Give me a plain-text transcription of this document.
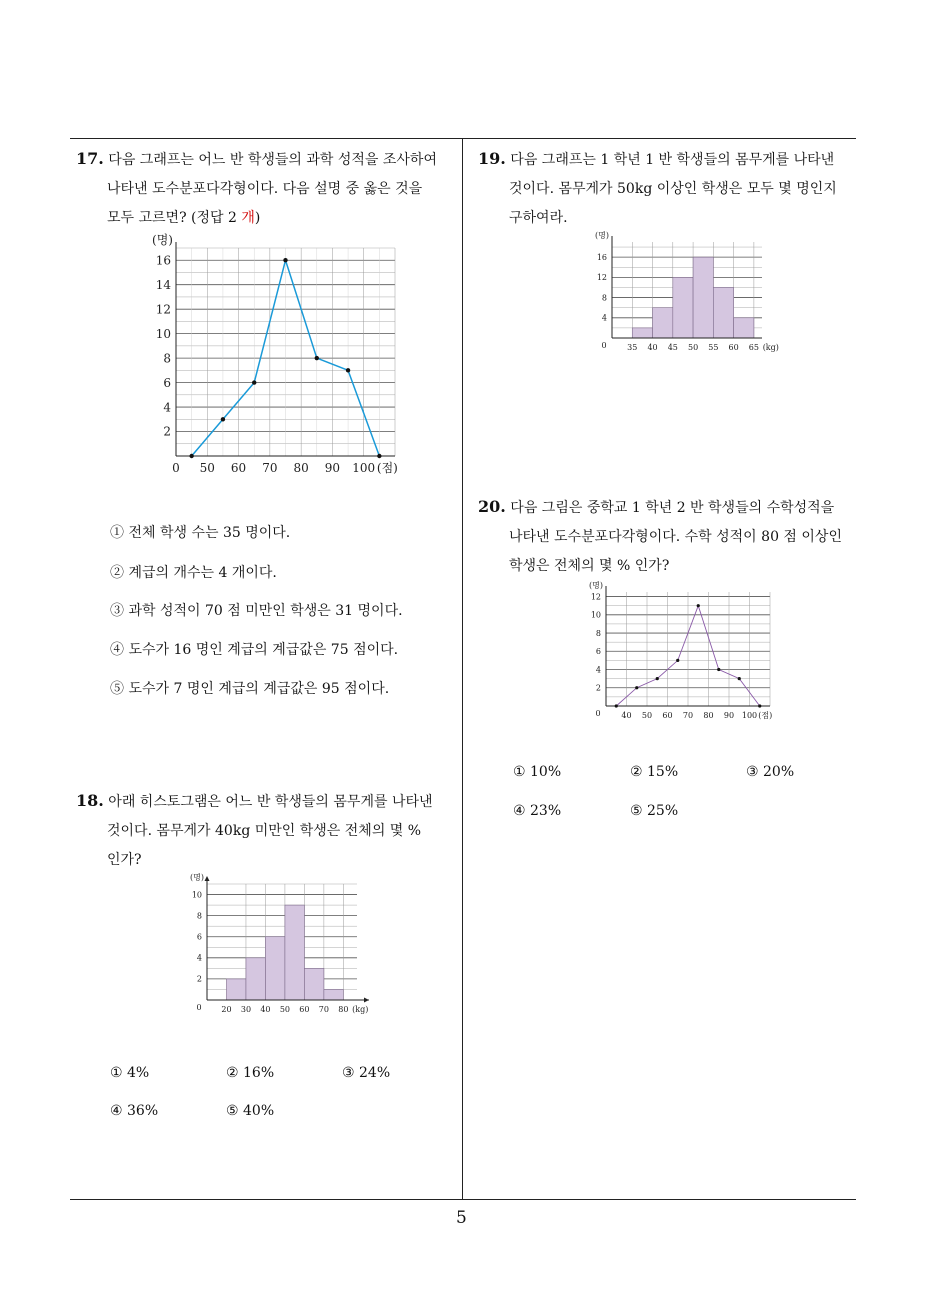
17. 다음 그래프는 어느 반 학생들의 과학 성적을 조사하여
나타낸 도수분포다각형이다. 다음 설명 중 옳은 것을
모두 고르면? (정답 2 개)
2
4
6
8
10
12
14
16
0 50 60 70 80 90 100
(명)
(점)
① 전체 학생 수는 35 명이다.
② 계급의 개수는 4 개이다.
③ 과학 성적이 70 점 미만인 학생은 31 명이다.
④ 도수가 16 명인 계급의 계급값은 75 점이다.
⑤ 도수가 7 명인 계급의 계급값은 95 점이다.
18. 아래 히스토그램은 어느 반 학생들의 몸무게를 나타낸
것이다. 몸무게가 40kg 미만인 학생은 전체의 몇 %
인가?
2
4
6
8
10
0 20 30 40 50 60 70 80
(명)
(kg)
① 4%	② 16%	③ 24%
④ 36%	⑤ 40%
19. 다음 그래프는 1 학년 1 반 학생들의 몸무게를 나타낸
것이다. 몸무게가 50kg 이상인 학생은 모두 몇 명인지
구하여라.
4
8
12
16
0	35 40 45 50 55 60 65
(명)
(kg)
20. 다음 그림은 중학교 1 학년 2 반 학생들의 수학성적을
나타낸 도수분포다각형이다. 수학 성적이 80 점 이상인
학생은 전체의 몇 % 인가?
2
4
6
8
10
12
0	40 50 60 70 80 90 100
(명)
(점)
① 10%	② 15%	③ 20%
④ 23%	⑤ 25%
5
